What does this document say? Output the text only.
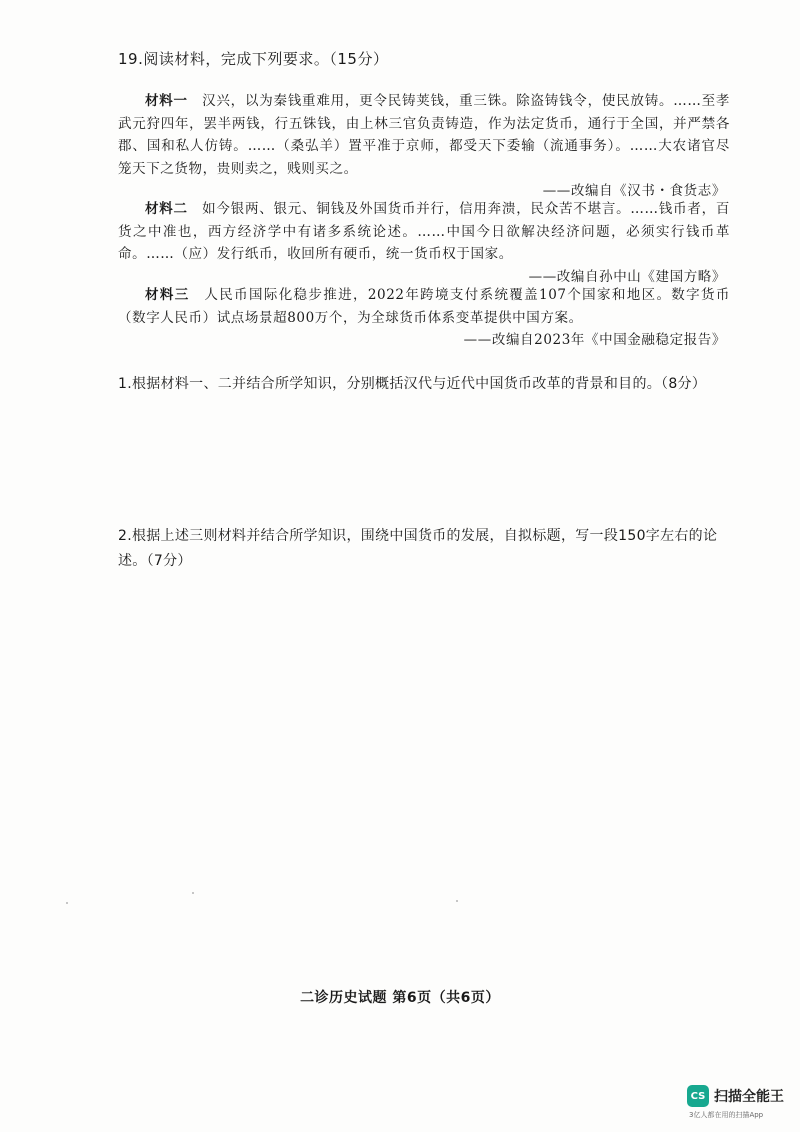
19.阅读材料，完成下列要求。（15分）

材料一　 汉兴，以为秦钱重难用，更令民铸荚钱，重三铢。除盗铸钱令，使民放铸。……至孝武元狩四年，罢半两钱，行五铢钱，由上林三官负责铸造，作为法定货币，通行于全国，并严禁各郡、国和私人仿铸。……（桑弘羊）置平准于京师，都受天下委输（流通事务）。……大农诸官尽笼天下之货物，贵则卖之，贱则买之。

——改编自《汉书・食货志》

材料二　 如今银两、银元、铜钱及外国货币并行，信用奔溃，民众苦不堪言。……钱币者，百货之中准也，西方经济学中有诸多系统论述。……中国今日欲解决经济问题，必须实行钱币革命。……（应）发行纸币，收回所有硬币，统一货币权于国家。

——改编自孙中山《建国方略》

材料三　 人民币国际化稳步推进，2022年跨境支付系统覆盖107个国家和地区。数字货币（数字人民币）试点场景超800万个，为全球货币体系变革提供中国方案。

——改编自2023年《中国金融稳定报告》

1.根据材料一、二并结合所学知识，分别概括汉代与近代中国货币改革的背景和目的。（8分）
2.根据上述三则材料并结合所学知识，围绕中国货币的发展，自拟标题，写一段150字左右的论述。（7分）
二诊历史试题 第6页（共6页）
CS 扫描全能王
3亿人都在用的扫描App
